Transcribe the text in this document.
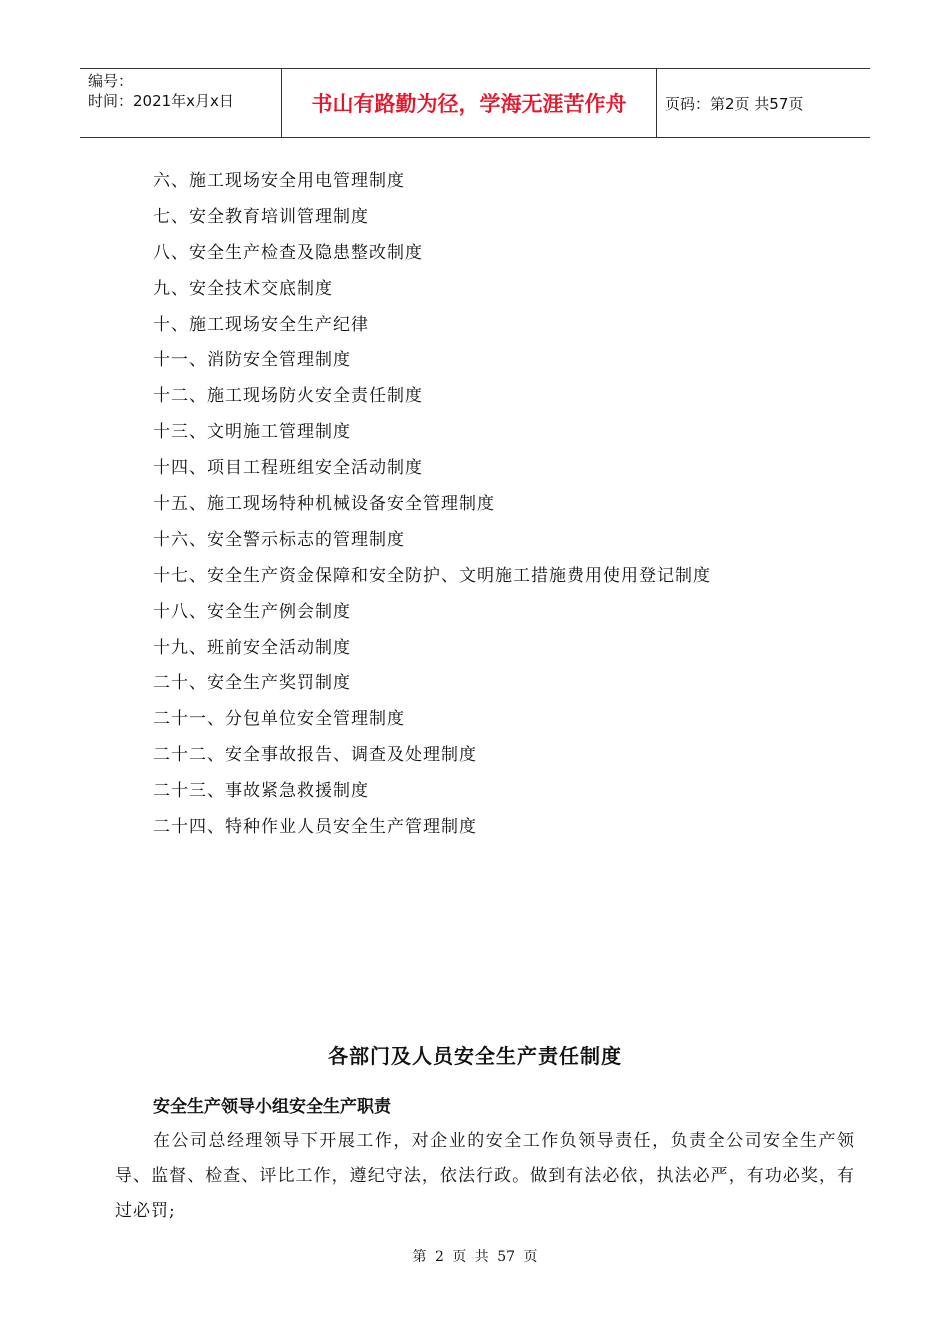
编号：
时间：2021年x月x日	书山有路勤为径，学海无涯苦作舟	页码：第2页 共57页
六、施工现场安全用电管理制度
七、安全教育培训管理制度
八、安全生产检查及隐患整改制度
九、安全技术交底制度
十、施工现场安全生产纪律
十一、消防安全管理制度
十二、施工现场防火安全责任制度
十三、文明施工管理制度
十四、项目工程班组安全活动制度
十五、施工现场特种机械设备安全管理制度
十六、安全警示标志的管理制度
十七、安全生产资金保障和安全防护、文明施工措施费用使用登记制度
十八、安全生产例会制度
十九、班前安全活动制度
二十、安全生产奖罚制度
二十一、分包单位安全管理制度
二十二、安全事故报告、调查及处理制度
二十三、事故紧急救援制度
二十四、特种作业人员安全生产管理制度
各部门及人员安全生产责任制度
安全生产领导小组安全生产职责

在公司总经理领导下开展工作，对企业的安全工作负领导责任，负责全公司安全生产领导、监督、检查、评比工作，遵纪守法，依法行政。做到有法必依，执法必严，有功必奖，有过必罚;

第 2 页 共 57 页
